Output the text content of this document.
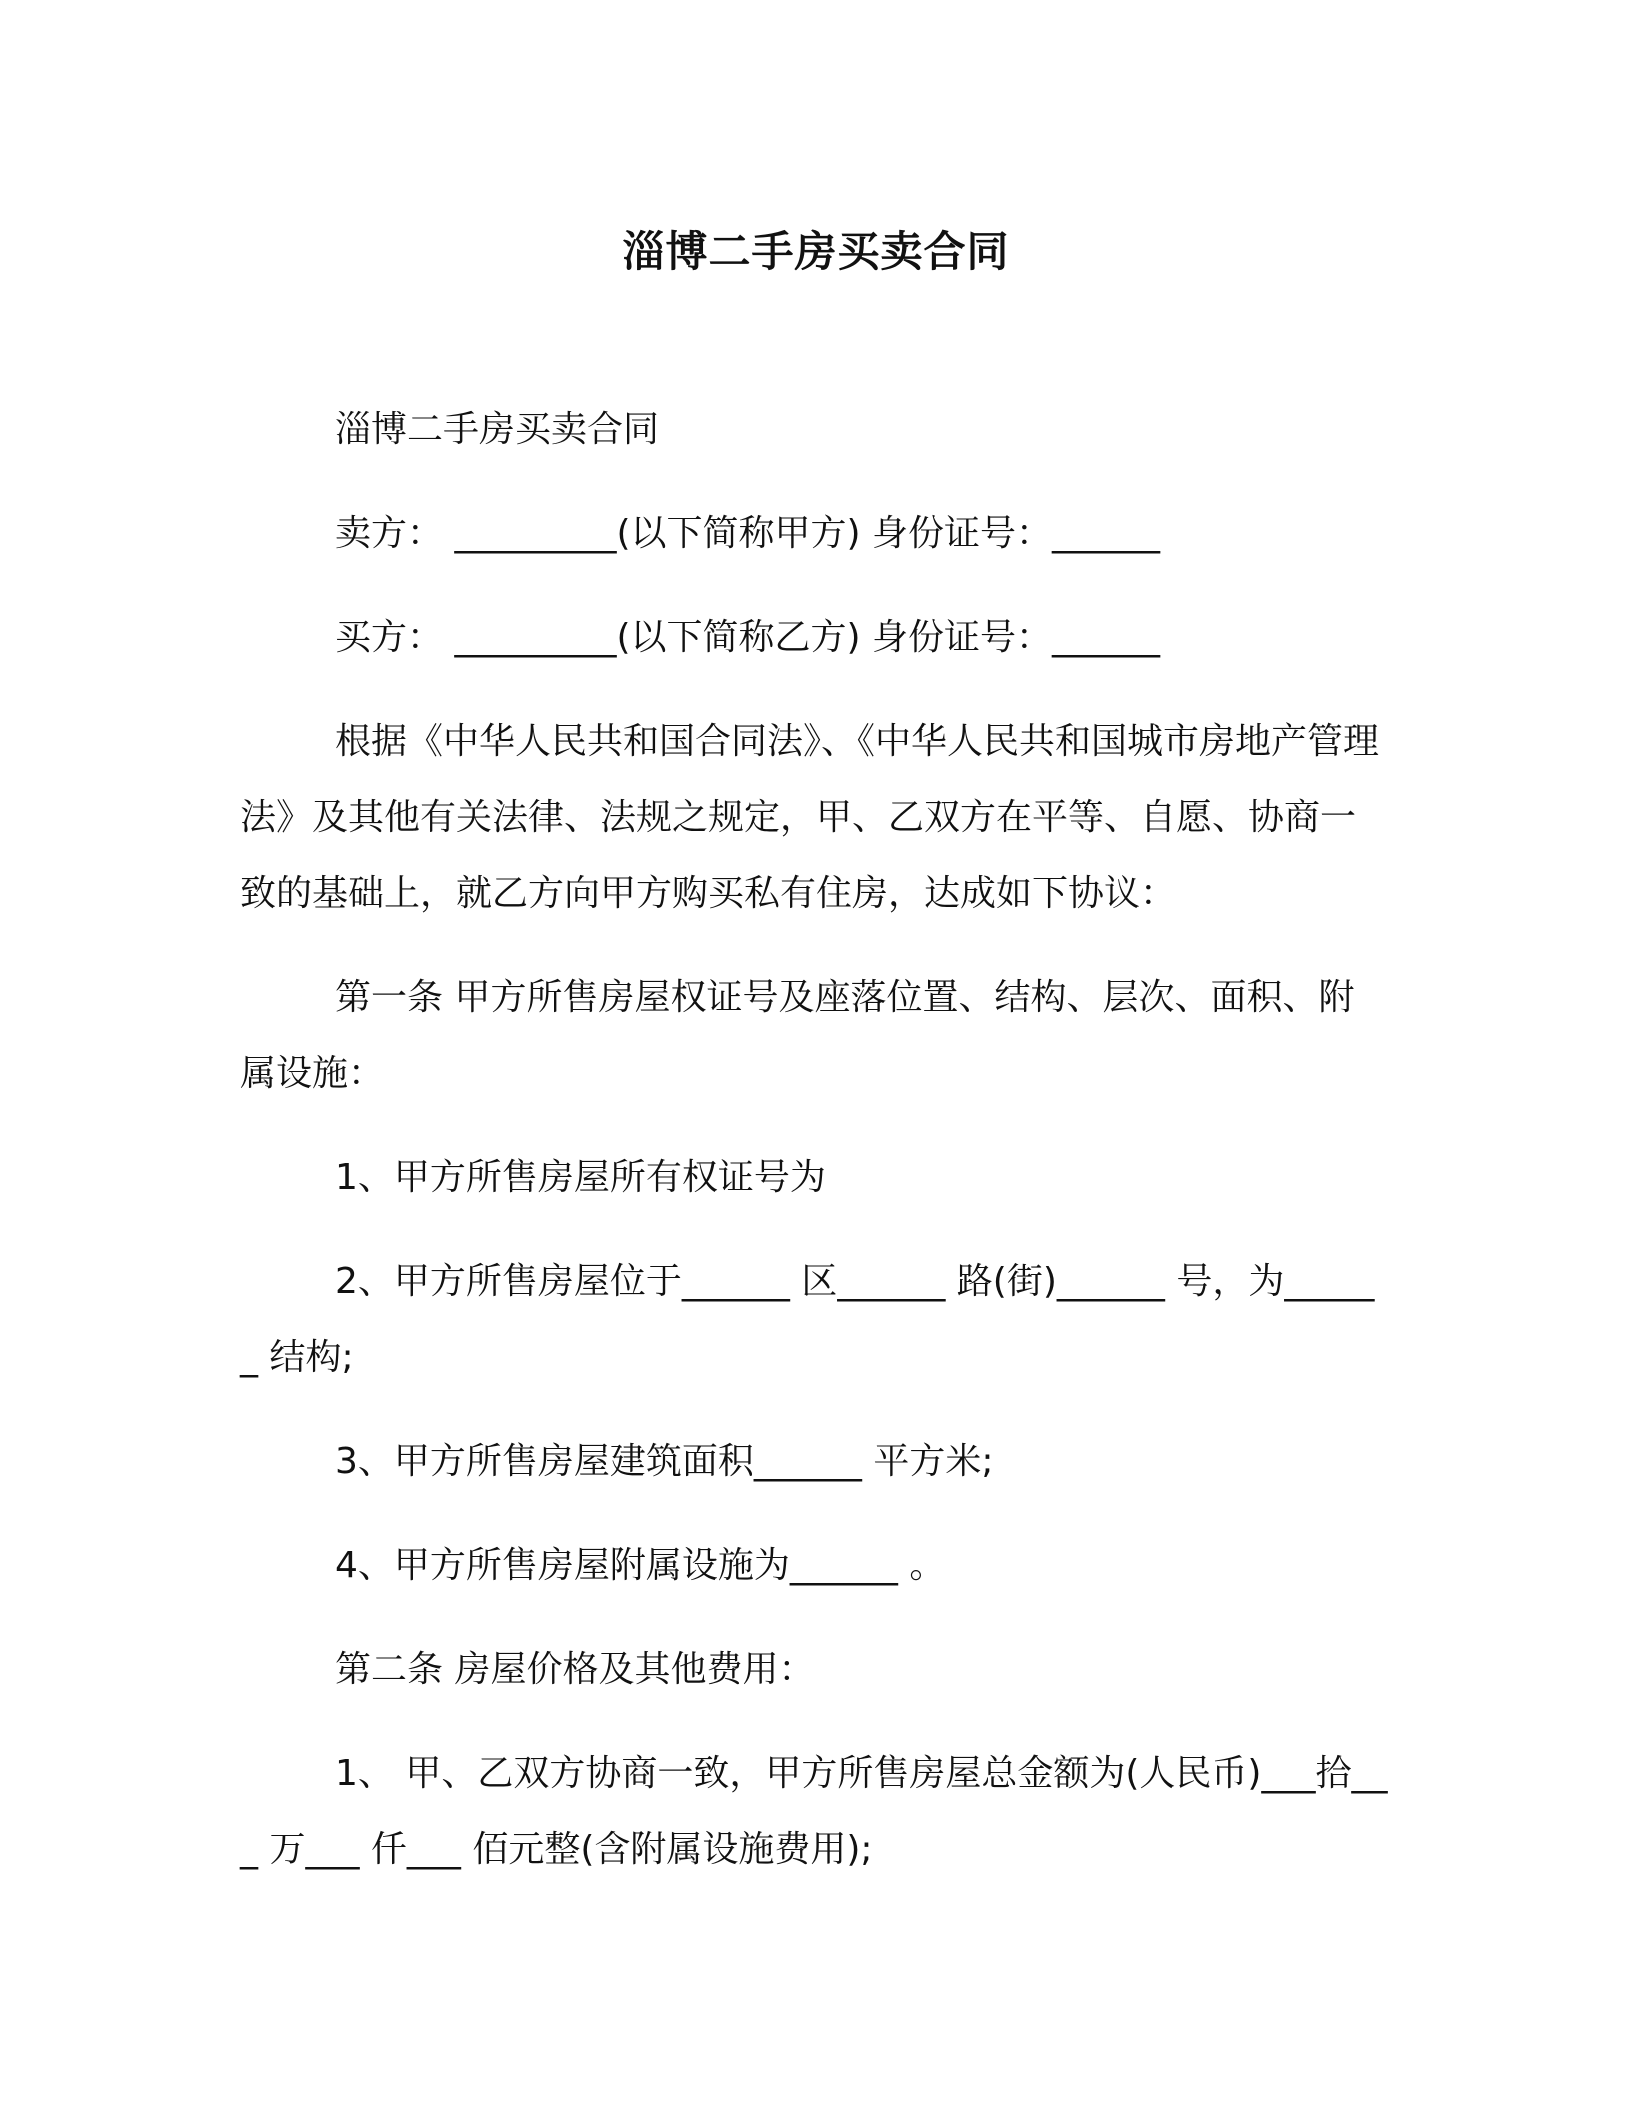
淄博二手房买卖合同

淄博二手房买卖合同

卖方： _________(以下简称甲方) 身份证号：______

买方： _________(以下简称乙方) 身份证号：______

根据《中华人民共和国合同法》、《中华人民共和国城市房地产管理法》及其他有关法律、法规之规定，甲、乙双方在平等、自愿、协商一致的基础上，就乙方向甲方购买私有住房，达成如下协议：

第一条 甲方所售房屋权证号及座落位置、结构、层次、面积、附属设施：

1、甲方所售房屋所有权证号为

2、甲方所售房屋位于______ 区______ 路(街)______ 号，为______ 结构;

3、甲方所售房屋建筑面积______ 平方米;

4、甲方所售房屋附属设施为______ 。

第二条 房屋价格及其他费用：

1、 甲、乙双方协商一致，甲方所售房屋总金额为(人民币)___拾___ 万___ 仟___ 佰元整(含附属设施费用);
